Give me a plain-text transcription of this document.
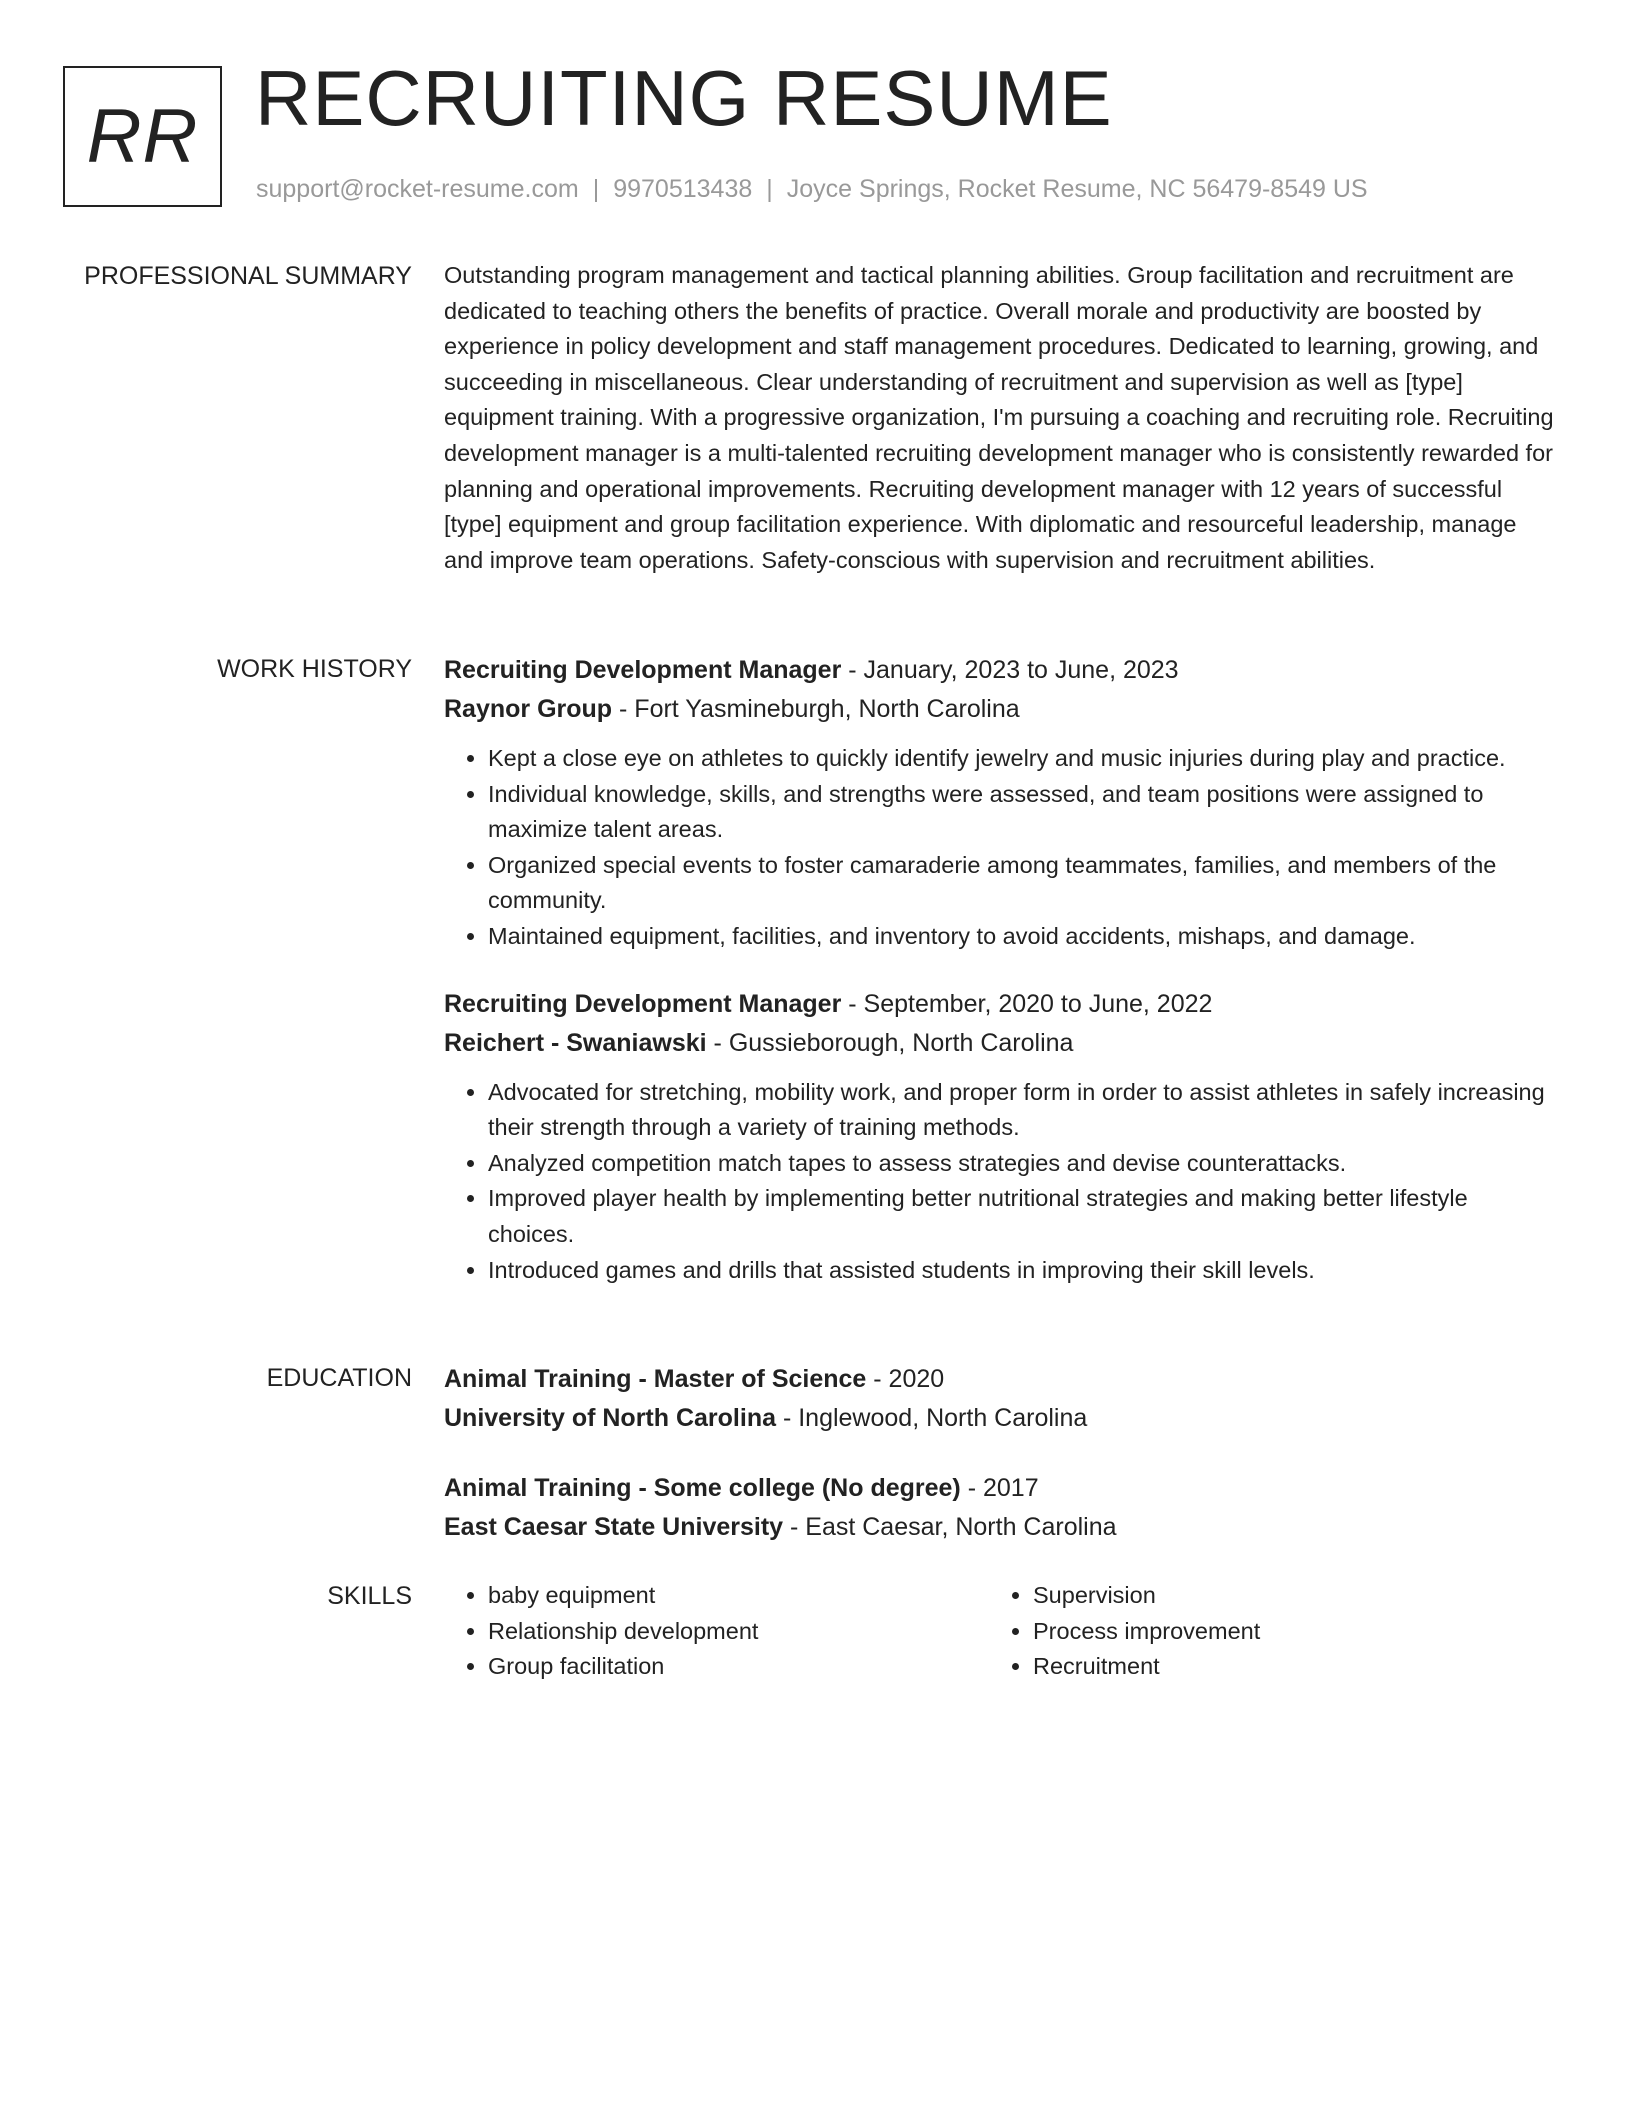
RR RECRUITING RESUME
support@rocket-resume.com | 9970513438 | Joyce Springs, Rocket Resume, NC 56479-8549 US
PROFESSIONAL SUMMARY Outstanding program management and tactical planning abilities. Group facilitation and recruitment are dedicated to teaching others the benefits of practice. Overall morale and productivity are boosted by experience in policy development and staff management procedures. Dedicated to learning, growing, and succeeding in miscellaneous. Clear understanding of recruitment and supervision as well as [type] equipment training. With a progressive organization, I'm pursuing a coaching and recruiting role. Recruiting development manager is a multi-talented recruiting development manager who is consistently rewarded for planning and operational improvements. Recruiting development manager with 12 years of successful [type] equipment and group facilitation experience. With diplomatic and resourceful leadership, manage and improve team operations. Safety-conscious with supervision and recruitment abilities.

WORK HISTORY Recruiting Development Manager - January, 2023 to June, 2023
Raynor Group - Fort Yasmineburgh, North Carolina
• Kept a close eye on athletes to quickly identify jewelry and music injuries during play and practice.
• Individual knowledge, skills, and strengths were assessed, and team positions were assigned to maximize talent areas.
• Organized special events to foster camaraderie among teammates, families, and members of the community.
• Maintained equipment, facilities, and inventory to avoid accidents, mishaps, and damage.
Recruiting Development Manager - September, 2020 to June, 2022
Reichert - Swaniawski - Gussieborough, North Carolina
• Advocated for stretching, mobility work, and proper form in order to assist athletes in safely increasing their strength through a variety of training methods.
• Analyzed competition match tapes to assess strategies and devise counterattacks.
• Improved player health by implementing better nutritional strategies and making better lifestyle choices.
• Introduced games and drills that assisted students in improving their skill levels.
EDUCATION Animal Training - Master of Science - 2020
University of North Carolina - Inglewood, North Carolina
Animal Training - Some college (No degree) - 2017
East Caesar State University - East Caesar, North Carolina
SKILLS
•	baby equipment
• Relationship development
• Group facilitation
• Supervision
• Process improvement
• Recruitment
